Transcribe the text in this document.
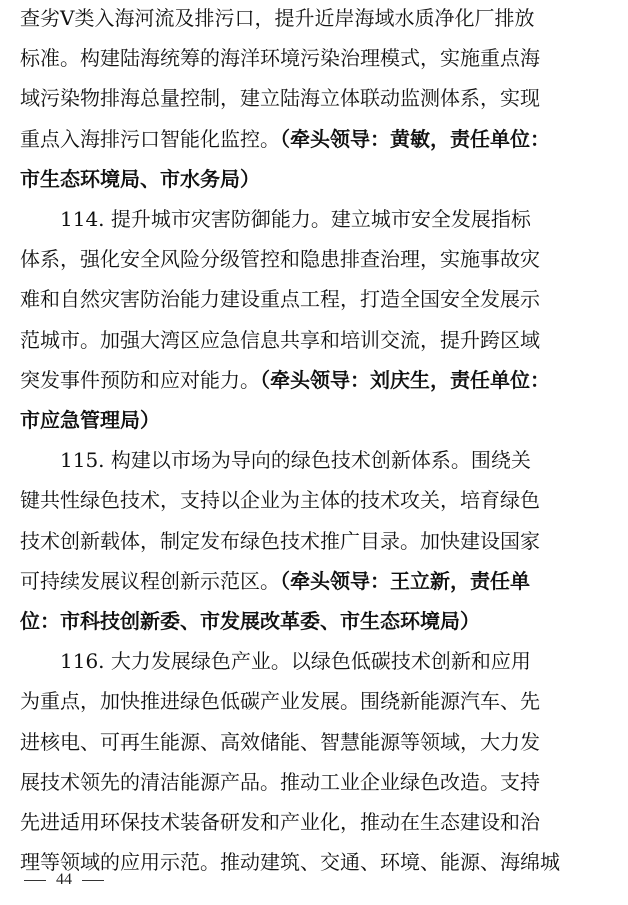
查劣Ⅴ类入海河流及排污口，提升近岸海域水质净化厂排放
标准。构建陆海统筹的海洋环境污染治理模式，实施重点海
域污染物排海总量控制，建立陆海立体联动监测体系，实现
重点入海排污口智能化监控。（牵头领导：黄敏，责任单位：
市生态环境局、市水务局）
114. 提升城市灾害防御能力。建立城市安全发展指标
体系，强化安全风险分级管控和隐患排查治理，实施事故灾
难和自然灾害防治能力建设重点工程，打造全国安全发展示
范城市。加强大湾区应急信息共享和培训交流，提升跨区域
突发事件预防和应对能力。（牵头领导：刘庆生，责任单位：
市应急管理局）
115. 构建以市场为导向的绿色技术创新体系。围绕关
键共性绿色技术，支持以企业为主体的技术攻关，培育绿色
技术创新载体，制定发布绿色技术推广目录。加快建设国家
可持续发展议程创新示范区。（牵头领导：王立新，责任单
位：市科技创新委、市发展改革委、市生态环境局）
116. 大力发展绿色产业。以绿色低碳技术创新和应用
为重点，加快推进绿色低碳产业发展。围绕新能源汽车、先
进核电、可再生能源、高效储能、智慧能源等领域，大力发
展技术领先的清洁能源产品。推动工业企业绿色改造。支持
先进适用环保技术装备研发和产业化，推动在生态建设和治
理等领域的应用示范。推动建筑、交通、环境、能源、海绵城
44
